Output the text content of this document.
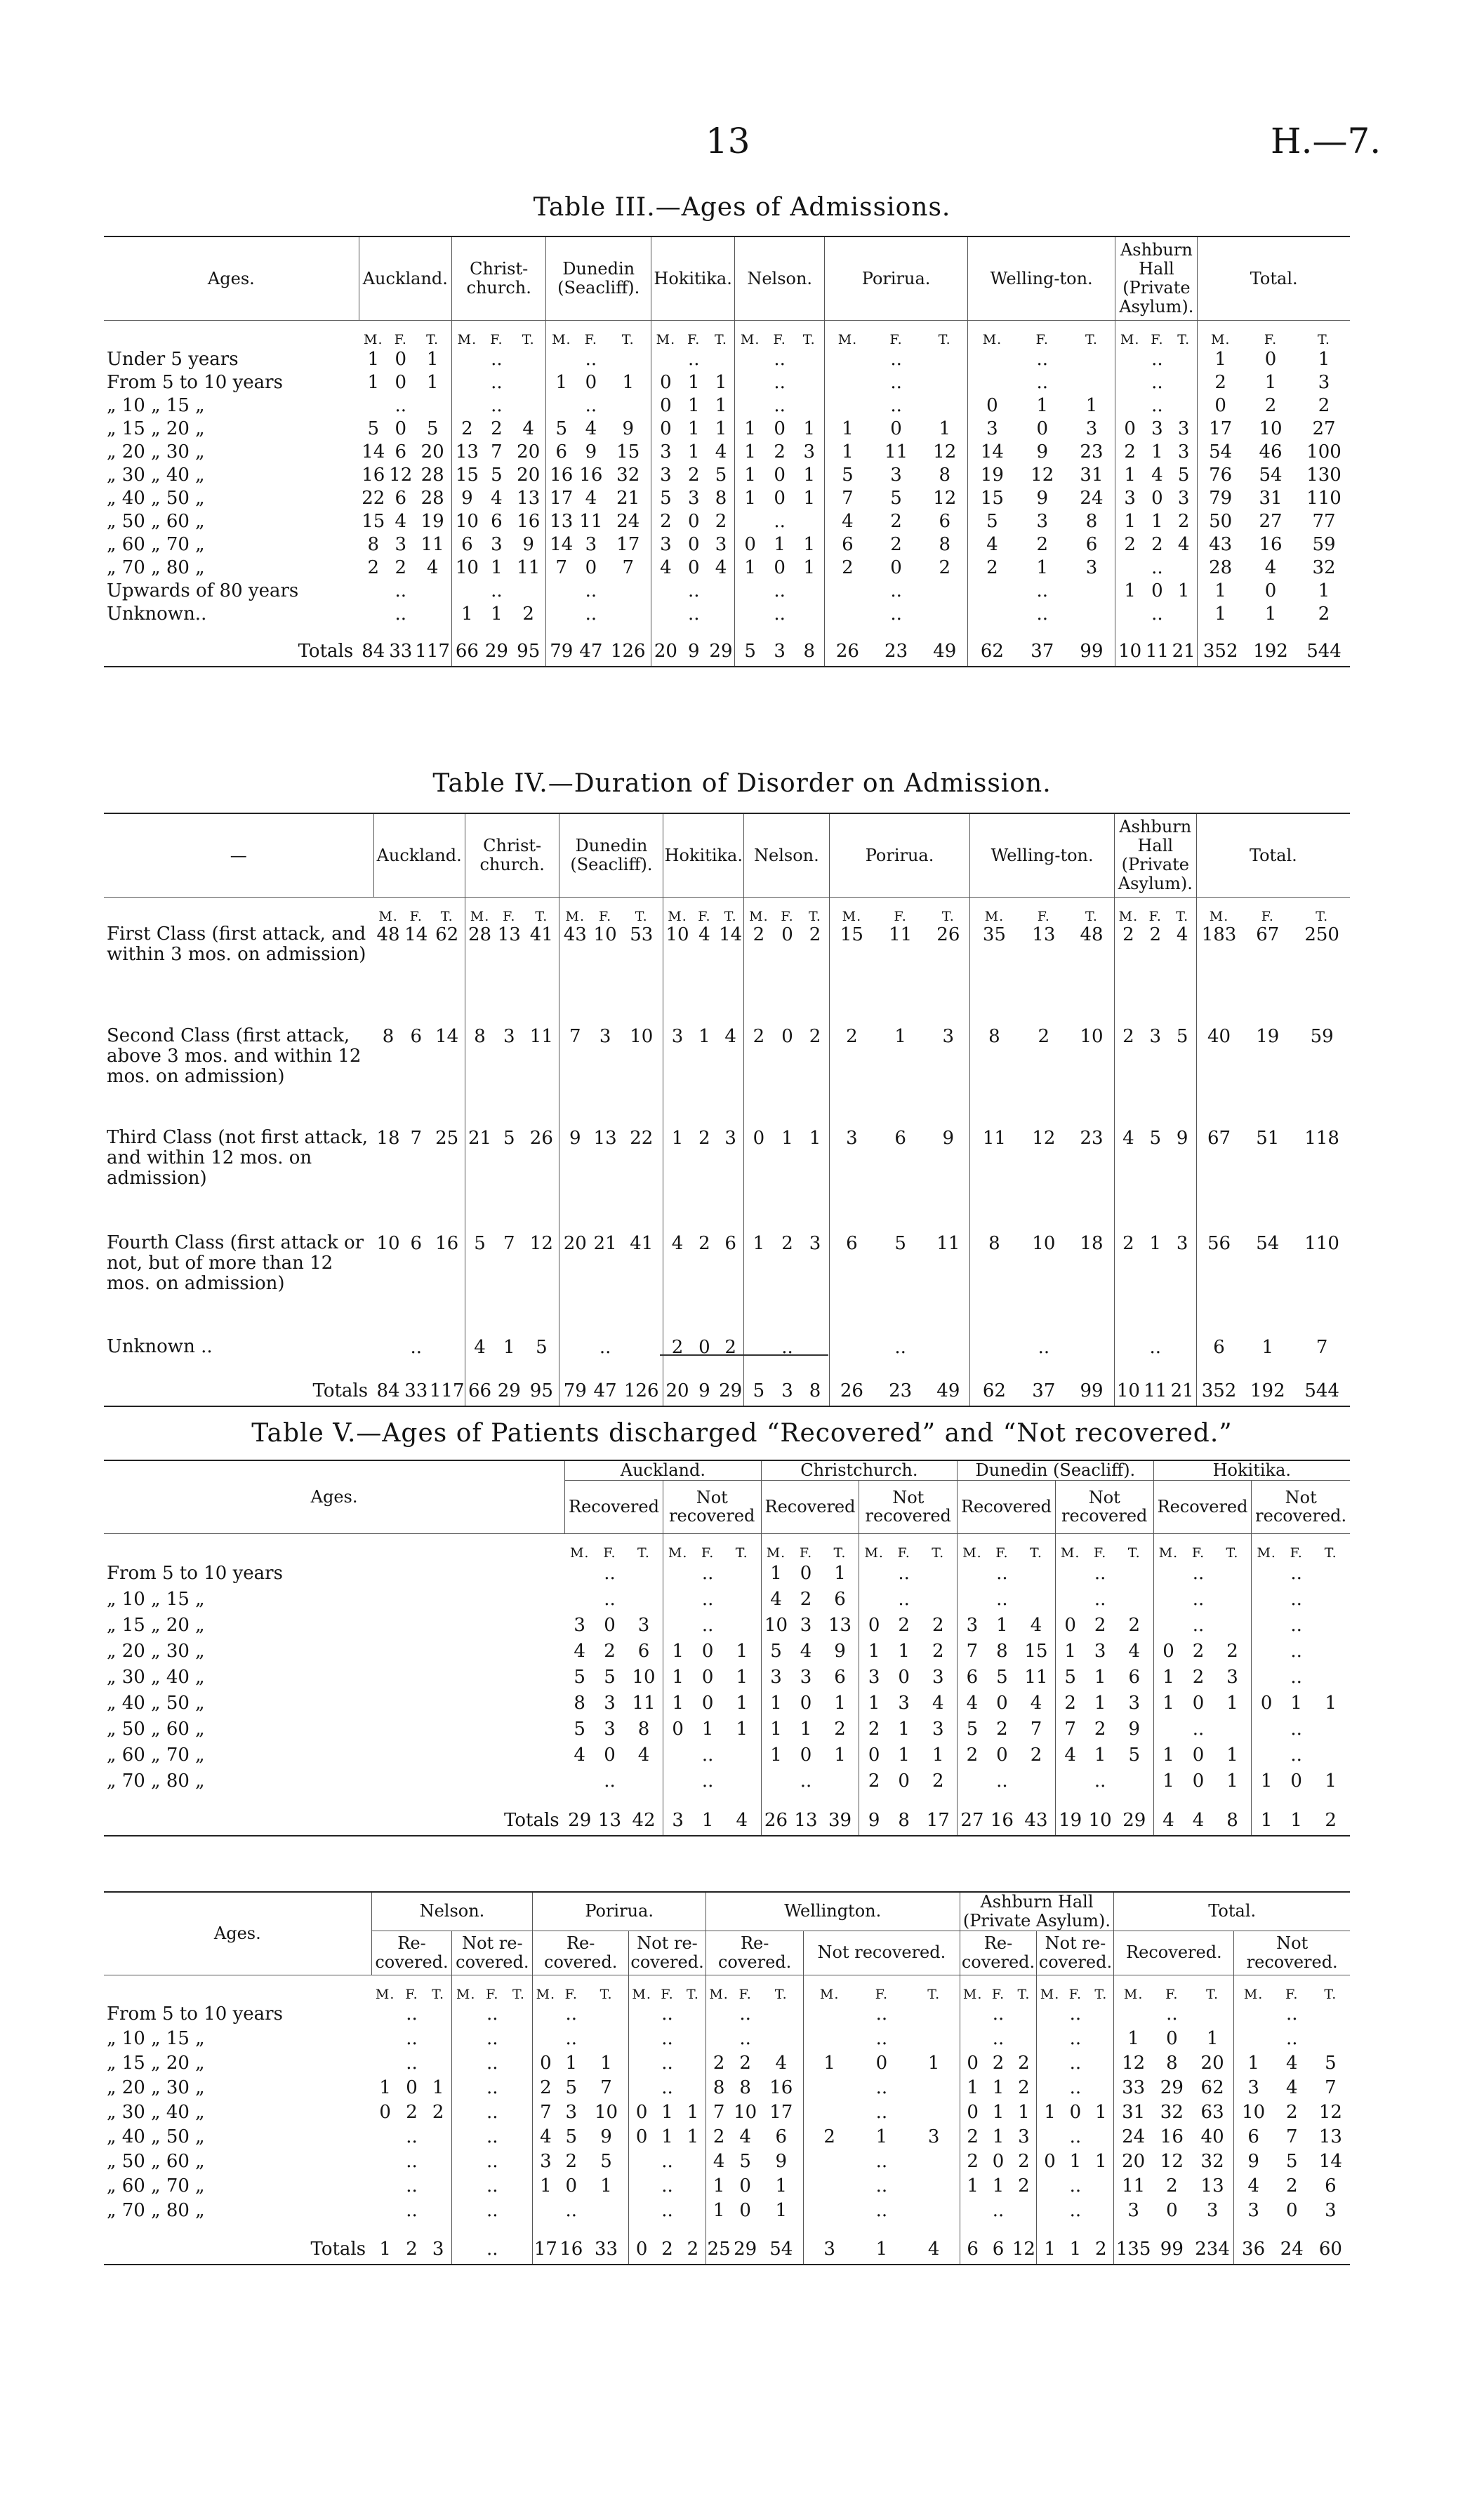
13	H.—7.
Table III.—Ages of Admissions.
Ages.	Auckland.			Christ-church.			Dunedin (Seacliff).			Hokitika.			Nelson.			Porirua.			Welling-ton.			Ashburn Hall (Private Asylum).			Total.		
	M.	F.	T.	M.	F.	T.	M.	F.	T.	M.	F.	T.	M.	F.	T.	M.	F.	T.	M.	F.	T.	M.	F.	T.	M.	F.	T.
Under 5 years	1	0	1		..			..			..			..			..			..			..		1	0	1
From 5 to 10 years	1	0	1		..		1	0	1	0	1	1		..			..			..			..		2	1	3
„ 10 „ 15 „		..			..			..		0	1	1		..			..		0	1	1		..		0	2	2
„ 15 „ 20 „	5	0	5	2	2	4	5	4	9	0	1	1	1	0	1	1	0	1	3	0	3	0	3	3	17	10	27
„ 20 „ 30 „	14	6	20	13	7	20	6	9	15	3	1	4	1	2	3	1	11	12	14	9	23	2	1	3	54	46	100
„ 30 „ 40 „	16	12	28	15	5	20	16	16	32	3	2	5	1	0	1	5	3	8	19	12	31	1	4	5	76	54	130
„ 40 „ 50 „	22	6	28	9	4	13	17	4	21	5	3	8	1	0	1	7	5	12	15	9	24	3	0	3	79	31	110
„ 50 „ 60 „	15	4	19	10	6	16	13	11	24	2	0	2		..		4	2	6	5	3	8	1	1	2	50	27	77
„ 60 „ 70 „	8	3	11	6	3	9	14	3	17	3	0	3	0	1	1	6	2	8	4	2	6	2	2	4	43	16	59
„ 70 „ 80 „	2	2	4	10	1	11	7	0	7	4	0	4	1	0	1	2	0	2	2	1	3		..		28	4	32
Upwards of 80 years		..			..			..			..			..			..			..		1	0	1	1	0	1
Unknown..		..		1	1	2		..			..			..			..			..			..		1	1	2
Totals	84	33	117	66	29	95	79	47	126	20	9	29	5	3	8	26	23	49	62	37	99	10	11	21	352	192	544
Table IV.—Duration of Disorder on Admission.
—	Auckland.			Christ-church.			Dunedin (Seacliff).			Hokitika.			Nelson.			Porirua.			Welling-ton.			Ashburn Hall (Private Asylum).			Total.		
	M.	F.	T.	M.	F.	T.	M.	F.	T.	M.	F.	T.	M.	F.	T.	M.	F.	T.	M.	F.	T.	M.	F.	T.	M.	F.	T.
First Class (first attack, and within 3 mos. on admission)	48	14	62	28	13	41	43	10	53	10	4	14	2	0	2	15	11	26	35	13	48	2	2	4	183	67	250
Second Class (first attack, above 3 mos. and within 12 mos. on admission)	8	6	14	8	3	11	7	3	10	3	1	4	2	0	2	2	1	3	8	2	10	2	3	5	40	19	59
Third Class (not first attack, and within 12 mos. on admission)	18	7	25	21	5	26	9	13	22	1	2	3	0	1	1	3	6	9	11	12	23	4	5	9	67	51	118
Fourth Class (first attack or not, but of more than 12 mos. on admission)	10	6	16	5	7	12	20	21	41	4	2	6	1	2	3	6	5	11	8	10	18	2	1	3	56	54	110
Unknown ..		..		4	1	5		..		2	0	2		..			..			..			..		6	1	7
Totals	84	33	117	66	29	95	79	47	126	20	9	29	5	3	8	26	23	49	62	37	99	10	11	21	352	192	544
Table V.—Ages of Patients discharged “Recovered” and “Not recovered.”
Ages.	Auckland.						Christchurch.						Dunedin (Seacliff).						Hokitika.					
	Recovered			Not recovered			Recovered			Not recovered			Recovered			Not recovered			Recovered			Not recovered.		
	M.	F.	T.	M.	F.	T.	M.	F.	T.	M.	F.	T.	M.	F.	T.	M.	F.	T.	M.	F.	T.	M.	F.	T.
From 5 to 10 years		..			..		1	0	1		..			..			..			..			..	
„ 10 „ 15 „		..			..		4	2	6		..			..			..			..			..	
„ 15 „ 20 „	3	0	3		..		10	3	13	0	2	2	3	1	4	0	2	2		..			..	
„ 20 „ 30 „	4	2	6	1	0	1	5	4	9	1	1	2	7	8	15	1	3	4	0	2	2		..	
„ 30 „ 40 „	5	5	10	1	0	1	3	3	6	3	0	3	6	5	11	5	1	6	1	2	3		..	
„ 40 „ 50 „	8	3	11	1	0	1	1	0	1	1	3	4	4	0	4	2	1	3	1	0	1	0	1	1
„ 50 „ 60 „	5	3	8	0	1	1	1	1	2	2	1	3	5	2	7	7	2	9		..			..	
„ 60 „ 70 „	4	0	4		..		1	0	1	0	1	1	2	0	2	4	1	5	1	0	1		..	
„ 70 „ 80 „		..			..			..		2	0	2		..			..		1	0	1	1	0	1
Totals	29	13	42	3	1	4	26	13	39	9	8	17	27	16	43	19	10	29	4	4	8	1	1	2
Ages.	Nelson.						Porirua.						Wellington.						Ashburn Hall (Private Asylum).						Total.					
	Re-covered.			Not re-covered.			Re-covered.			Not re-covered.			Re-covered.			Not recovered.			Re-covered.			Not re-covered.			Recovered.			Not recovered.		
	M.	F.	T.	M.	F.	T.	M.	F.	T.	M.	F.	T.	M.	F.	T.	M.	F.	T.	M.	F.	T.	M.	F.	T.	M.	F.	T.	M.	F.	T.
From 5 to 10 years		..			..			..			..			..			..			..			..			..			..	
„ 10 „ 15 „		..			..			..			..			..			..			..			..		1	0	1		..	
„ 15 „ 20 „		..			..		0	1	1		..		2	2	4	1	0	1	0	2	2		..		12	8	20	1	4	5
„ 20 „ 30 „	1	0	1		..		2	5	7		..		8	8	16		..		1	1	2		..		33	29	62	3	4	7
„ 30 „ 40 „	0	2	2		..		7	3	10	0	1	1	7	10	17		..		0	1	1	1	0	1	31	32	63	10	2	12
„ 40 „ 50 „		..			..		4	5	9	0	1	1	2	4	6	2	1	3	2	1	3		..		24	16	40	6	7	13
„ 50 „ 60 „		..			..		3	2	5		..		4	5	9		..		2	0	2	0	1	1	20	12	32	9	5	14
„ 60 „ 70 „		..			..		1	0	1		..		1	0	1		..		1	1	2		..		11	2	13	4	2	6
„ 70 „ 80 „		..			..			..			..		1	0	1		..			..			..		3	0	3	3	0	3
Totals	1	2	3		..		17	16	33	0	2	2	25	29	54	3	1	4	6	6	12	1	1	2	135	99	234	36	24	60
